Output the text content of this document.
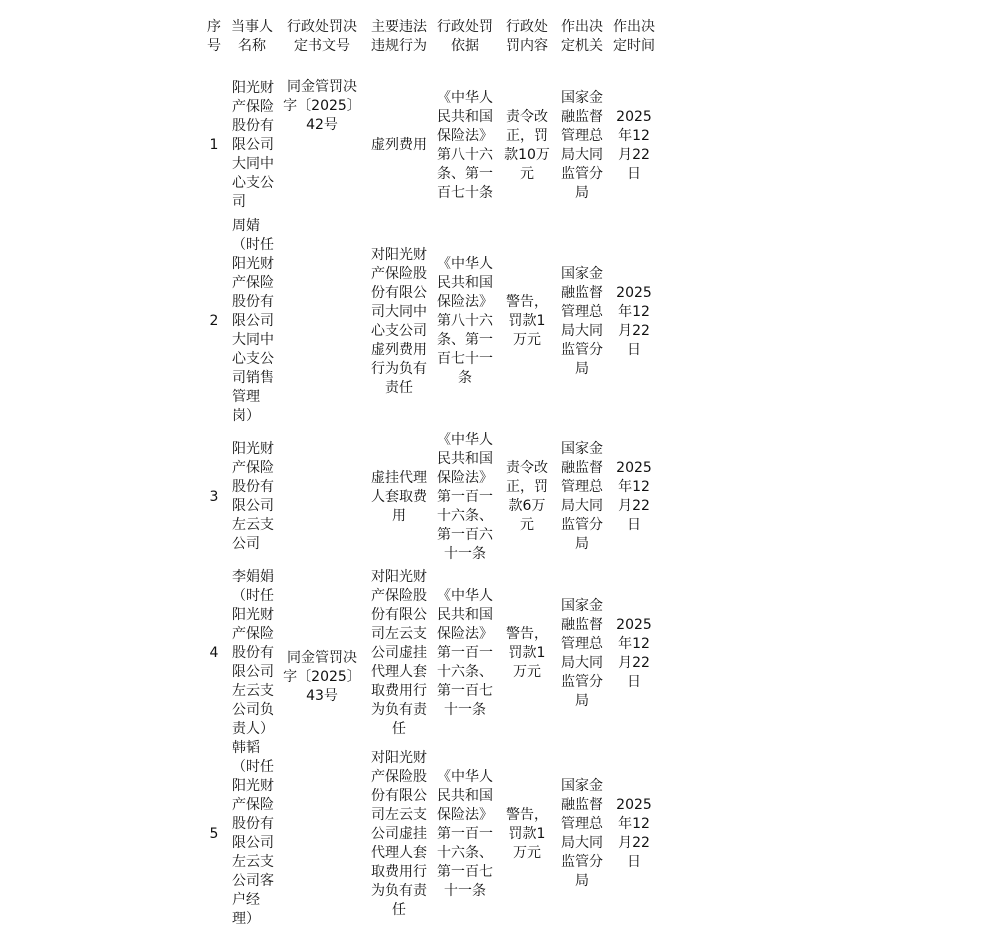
序号	当事人名称	行政处罚决定书文号	主要违法违规行为	行政处罚依据	行政处罚内容	作出决定机关	作出决定时间
1	阳光财产保险股份有限公司大同中心支公司	同金管罚决字〔2025〕42号	虚列费用	《中华人民共和国保险法》第八十六条、第一百七十条	责令改正，罚款10万元	国家金融监督管理总局大同监管分局	2025年12月22日
2	周婧（时任阳光财产保险股份有限公司大同中心支公司销售管理岗）		对阳光财产保险股份有限公司大同中心支公司虚列费用行为负有责任	《中华人民共和国保险法》第八十六条、第一百七十一条	警告，罚款1万元	国家金融监督管理总局大同监管分局	2025年12月22日
3	阳光财产保险股份有限公司左云支公司	同金管罚决字〔2025〕43号	虚挂代理人套取费用	《中华人民共和国保险法》第一百一十六条、第一百六十一条	责令改正，罚款6万元	国家金融监督管理总局大同监管分局	2025年12月22日
4	李娟娟（时任阳光财产保险股份有限公司左云支公司负责人）		对阳光财产保险股份有限公司左云支公司虚挂代理人套取费用行为负有责任	《中华人民共和国保险法》第一百一十六条、第一百七十一条	警告，罚款1万元	国家金融监督管理总局大同监管分局	2025年12月22日
5	韩韬（时任阳光财产保险股份有限公司左云支公司客户经理）		对阳光财产保险股份有限公司左云支公司虚挂代理人套取费用行为负有责任	《中华人民共和国保险法》第一百一十六条、第一百七十一条	警告，罚款1万元	国家金融监督管理总局大同监管分局	2025年12月22日
